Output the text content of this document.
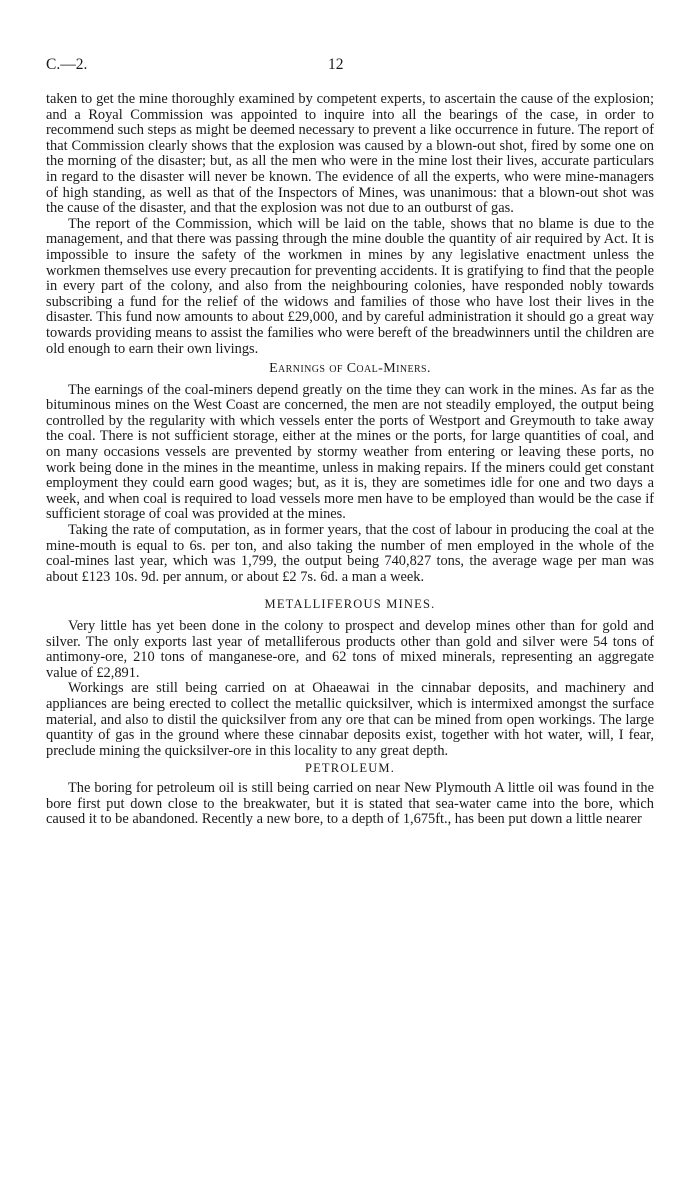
C.—2.	12

taken to get the mine thoroughly examined by competent experts, to ascertain the cause of the explosion; and a Royal Commission was appointed to inquire into all the bearings of the case, in order to recommend such steps as might be deemed necessary to prevent a like occurrence in future. The report of that Commission clearly shows that the explosion was caused by a blown-out shot, fired by some one on the morning of the disaster; but, as all the men who were in the mine lost their lives, accurate particulars in regard to the disaster will never be known. The evidence of all the experts, who were mine-managers of high standing, as well as that of the Inspectors of Mines, was unanimous: that a blown-out shot was the cause of the disaster, and that the explosion was not due to an outburst of gas.

The report of the Commission, which will be laid on the table, shows that no blame is due to the management, and that there was passing through the mine double the quantity of air required by Act. It is impossible to insure the safety of the workmen in mines by any legislative enactment unless the workmen themselves use every precaution for preventing accidents. It is gratifying to find that the people in every part of the colony, and also from the neighbouring colonies, have responded nobly towards subscribing a fund for the relief of the widows and families of those who have lost their lives in the disaster. This fund now amounts to about £29,000, and by careful administration it should go a great way towards providing means to assist the families who were bereft of the breadwinners until the children are old enough to earn their own livings.

Earnings of Coal-Miners.

The earnings of the coal-miners depend greatly on the time they can work in the mines. As far as the bituminous mines on the West Coast are concerned, the men are not steadily employed, the output being controlled by the regularity with which vessels enter the ports of Westport and Greymouth to take away the coal. There is not sufficient storage, either at the mines or the ports, for large quantities of coal, and on many occasions vessels are prevented by stormy weather from entering or leaving these ports, no work being done in the mines in the meantime, unless in making repairs. If the miners could get constant employment they could earn good wages; but, as it is, they are sometimes idle for one and two days a week, and when coal is required to load vessels more men have to be employed than would be the case if sufficient storage of coal was provided at the mines.

Taking the rate of computation, as in former years, that the cost of labour in producing the coal at the mine-mouth is equal to 6s. per ton, and also taking the number of men employed in the whole of the coal-mines last year, which was 1,799, the output being 740,827 tons, the average wage per man was about £123 10s. 9d. per annum, or about £2 7s. 6d. a man a week.

METALLIFEROUS MINES.

Very little has yet been done in the colony to prospect and develop mines other than for gold and silver. The only exports last year of metalliferous products other than gold and silver were 54 tons of antimony-ore, 210 tons of manganese-ore, and 62 tons of mixed minerals, representing an aggregate value of £2,891.

Workings are still being carried on at Ohaeawai in the cinnabar deposits, and machinery and appliances are being erected to collect the metallic quicksilver, which is intermixed amongst the surface material, and also to distil the quicksilver from any ore that can be mined from open workings. The large quantity of gas in the ground where these cinnabar deposits exist, together with hot water, will, I fear, preclude mining the quicksilver-ore in this locality to any great depth.

PETROLEUM.

The boring for petroleum oil is still being carried on near New Plymouth A little oil was found in the bore first put down close to the breakwater, but it is stated that sea-water came into the bore, which caused it to be abandoned. Recently a new bore, to a depth of 1,675ft., has been put down a little nearer
